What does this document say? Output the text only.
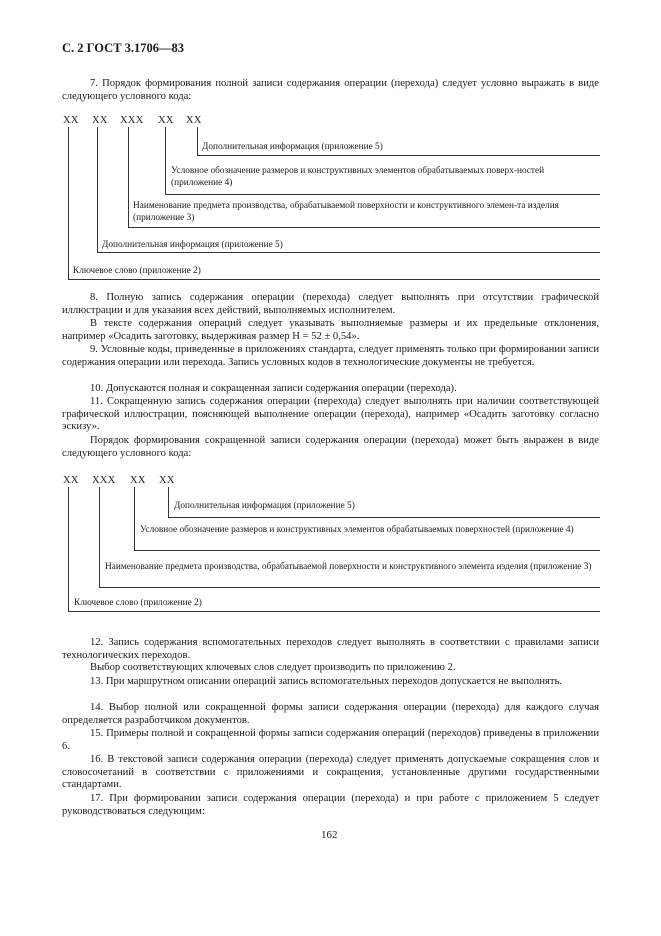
С. 2 ГОСТ 3.1706—83
7. Порядок формирования полной записи содержания операции (перехода) следует условно выражать в виде следующего условного кода:
XX XX XXX XX XX
Дополнительная информация (приложение 5)
Условное обозначение размеров и конструктивных элементов обрабатываемых поверх-ностей (приложение 4)
Наименование предмета производства, обрабатываемой поверхности и конструктивного элемен-та изделия (приложение 3)
Дополнительная информация (приложение 5)
Ключевое слово (приложение 2)
8. Полную запись содержания операции (перехода) следует выполнять при отсутствии графической иллюстрации и для указания всех действий, выполняемых исполнителем.
В тексте содержания операций следует указывать выполняемые размеры и их предельные отклонения, например «Осадить заготовку, выдерживая размер H = 52 ± 0,54».
9. Условные коды, приведенные в приложениях стандарта, следует применять только при формировании записи содержания операции или перехода. Запись условных кодов в технологические документы не требуется.
10. Допускаются полная и сокращенная записи содержания операции (перехода).
11. Сокращенную запись содержания операции (перехода) следует выполнять при наличии соответствующей графической иллюстрации, поясняющей выполнение операции (перехода), например «Осадить заготовку согласно эскизу».
Порядок формирования сокращенной записи содержания операции (перехода) может быть выражен в виде следующего условного кода:
XX XXX XX XX
Дополнительная информация (приложение 5)
Условное обозначение размеров и конструктивных элементов обрабатываемых поверхностей (приложение 4)
Наименование предмета производства, обрабатываемой поверхности и конструктивного элемента изделия (приложение 3)
Ключевое слово (приложение 2)
12. Запись содержания вспомогательных переходов следует выполнять в соответствии с правилами записи технологических переходов.
Выбор соответствующих ключевых слов следует производить по приложению 2.
13. При маршрутном описании операций запись вспомогательных переходов допускается не выполнять.
14. Выбор полной или сокращенной формы записи содержания операции (перехода) для каждого случая определяется разработчиком документов.
15. Примеры полной и сокращенной формы записи содержания операций (переходов) приведены в приложении 6.
16. В текстовой записи содержания операции (перехода) следует применять допускаемые сокращения слов и словосочетаний в соответствии с приложениями и сокращения, установленные другими государственными стандартами.
17. При формировании записи содержания операции (перехода) и при работе с приложением 5 следует руководствоваться следующим:
162
